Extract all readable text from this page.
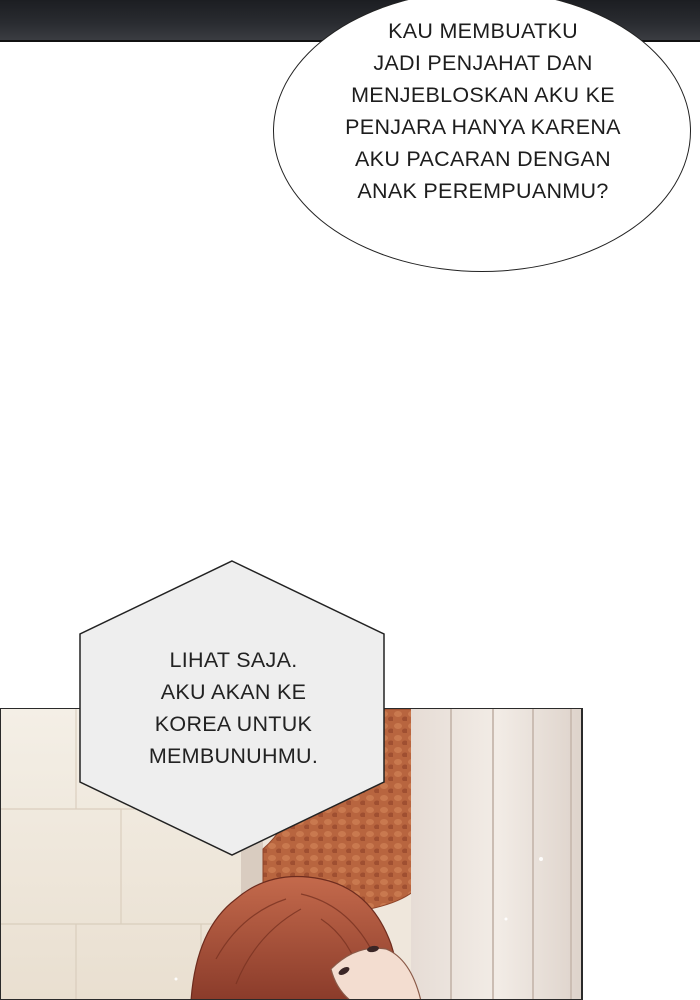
KAU MEMBUATKU
JADI PENJAHAT DAN
MENJEBLOSKAN AKU KE
PENJARA HANYA KARENA
AKU PACARAN DENGAN
ANAK PEREMPUANMU?
LIHAT SAJA.
AKU AKAN KE
KOREA UNTUK
MEMBUNUHMU.
